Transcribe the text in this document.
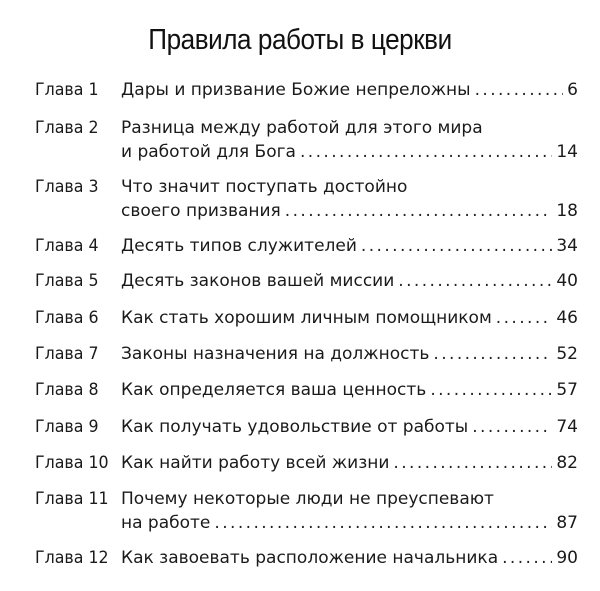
Правила работы в церкви
Глава 1 Дары и призвание Божие непреложны . . .	6
Глава 2 Разница между работой для этого мира
и работой для Бога . . .	14
Глава 3 Что значит поступать достойно
своего призвания . . .	18
Глава 4 Десять типов служителей . . .	34
Глава 5 Десять законов вашей миссии . . .	40
Глава 6 Как стать хорошим личным помощником . . .	46
Глава 7 Законы назначения на должность . . .	52
Глава 8 Как определяется ваша ценность . . .	57
Глава 9 Как получать удовольствие от работы . . .	74
Глава 10 Как найти работу всей жизни . . .	82
Глава 11 Почему некоторые люди не преуспевают
на работе . . .	87
Глава 12 Как завоевать расположение начальника . . .	90
